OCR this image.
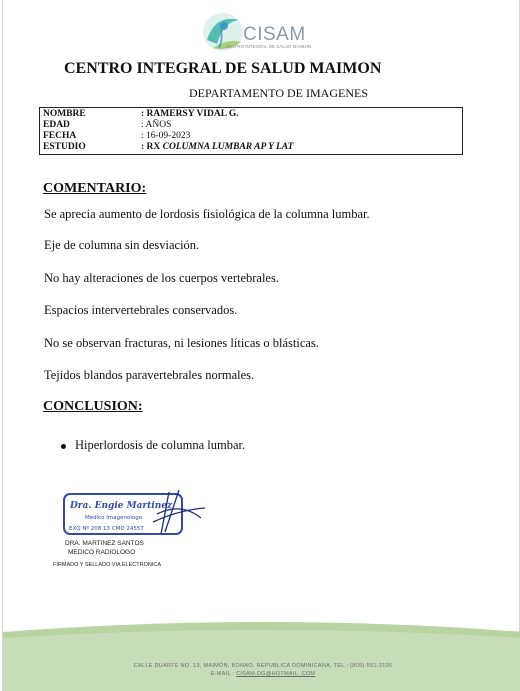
CISAM
CENTRO INTEGRAL DE SALUD MAIMON
CENTRO INTEGRAL DE SALUD MAIMON
DEPARTAMENTO DE IMAGENES
NOMBRE	: RAMERSY VIDAL G.
EDAD	: AÑOS
FECHA	: 16-09-2023
ESTUDIO	: RX COLUMNA LUMBAR AP Y LAT
COMENTARIO:
Se aprecia aumento de lordosis fisiológica de la columna lumbar.
Eje de columna sin desviación.
No hay alteraciones de los cuerpos vertebrales.
Espacios intervertebrales conservados.
No se observan fracturas, ni lesiones líticas o blásticas.
Tejidos blandos paravertebrales normales.
CONCLUSION:
Hiperlordosis de columna lumbar.
Dra. Engie Martinez
Medico Imagenologo
EXQ Nº 208 13 CMD 24557
DRA. MARTINEZ SANTOS
MEDICO RADIOLOGO
FIRMADO Y SELLADO VIA ELECTRONICA
CALLE DUARTE NO. 13, MAIMÓN, BONAO, REPUBLICA DOMINICANA, TEL.: (809)-551-2106
E-MAIL : CISAM.DG@HOTMAIL .COM
